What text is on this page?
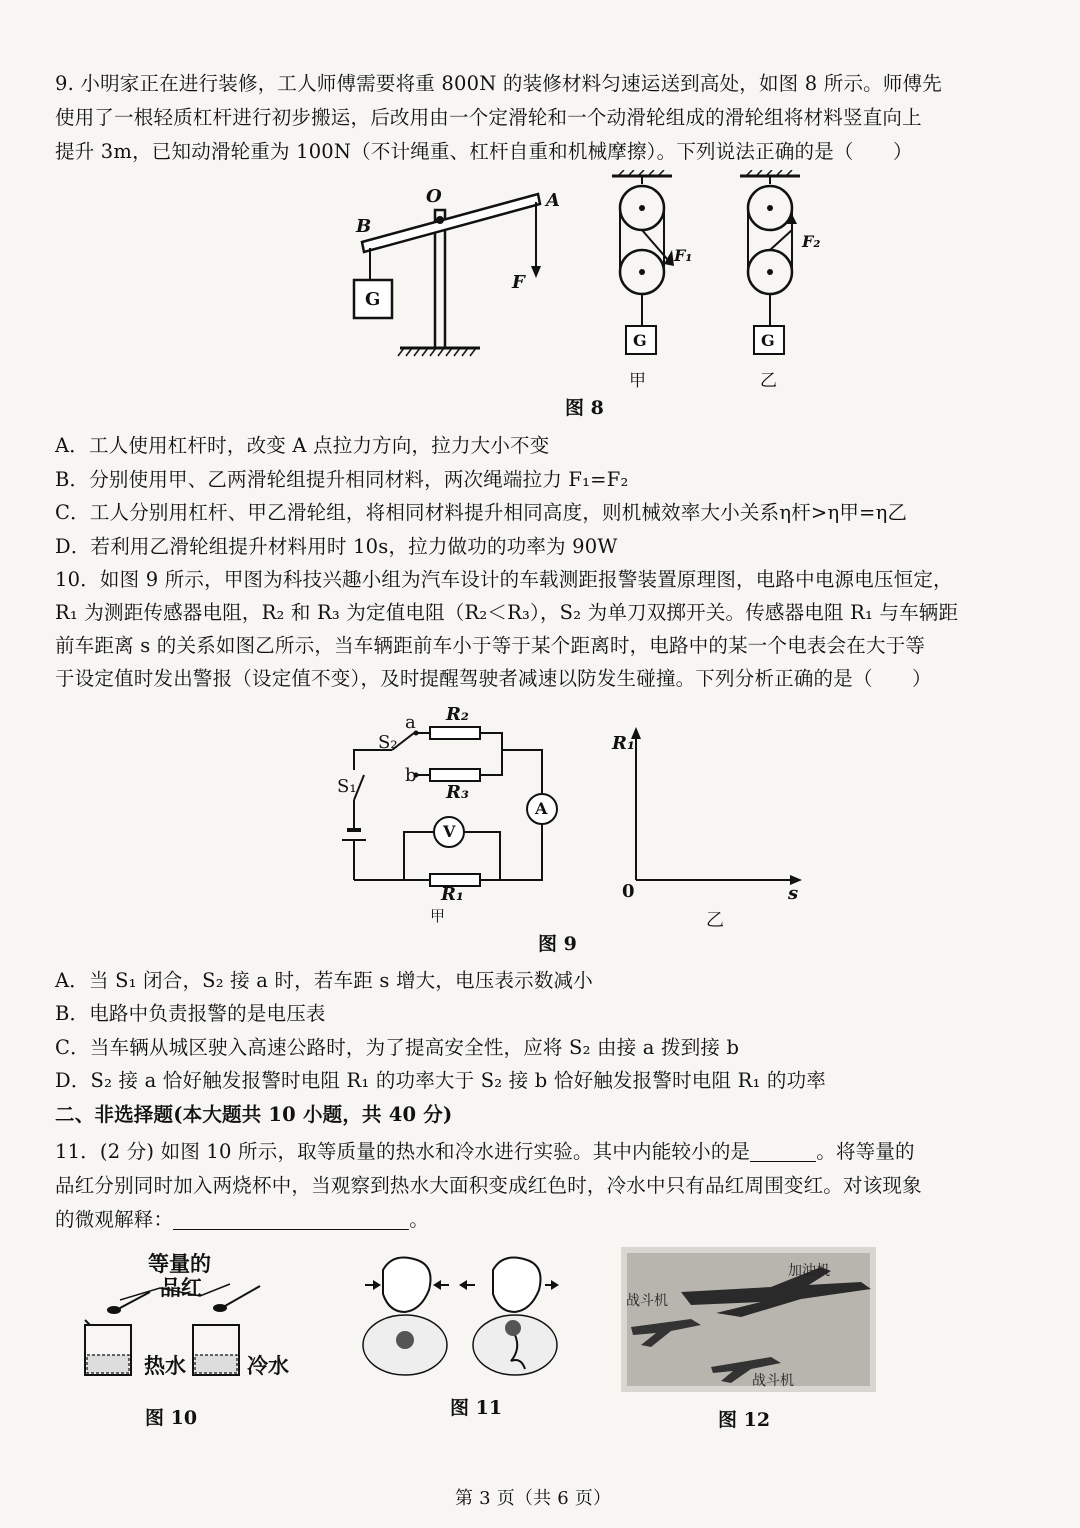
9. 小明家正在进行装修，工人师傅需要将重 800N 的装修材料匀速运送到高处，如图 8 所示。师傅先
使用了一根轻质杠杆进行初步搬运，后改用由一个定滑轮和一个动滑轮组成的滑轮组将材料竖直向上
提升 3m，已知动滑轮重为 100N（不计绳重、杠杆自重和机械摩擦）。下列说法正确的是（　　）
O	A
B
F
G
F₁
G
甲
F₂
G
乙
图 8
A．工人使用杠杆时，改变 A 点拉力方向，拉力大小不变
B．分别使用甲、乙两滑轮组提升相同材料，两次绳端拉力 F₁=F₂
C．工人分别用杠杆、甲乙滑轮组，将相同材料提升相同高度，则机械效率大小关系η杆>η甲=η乙
D．若利用乙滑轮组提升材料用时 10s，拉力做功的功率为 90W
10．如图 9 所示，甲图为科技兴趣小组为汽车设计的车载测距报警装置原理图，电路中电源电压恒定，
R₁ 为测距传感器电阻，R₂ 和 R₃ 为定值电阻（R₂＜R₃），S₂ 为单刀双掷开关。传感器电阻 R₁ 与车辆距
前车距离 s 的关系如图乙所示，当车辆距前车小于等于某个距离时，电路中的某一个电表会在大于等
于设定值时发出警报（设定值不变），及时提醒驾驶者减速以防发生碰撞。下列分析正确的是（　　）
a
b
S₁
S₂
R₂
R₃
R₁
A
V
甲
R₁
s
0
乙
图 9
A．当 S₁ 闭合，S₂ 接 a 时，若车距 s 增大，电压表示数减小
B．电路中负责报警的是电压表
C．当车辆从城区驶入高速公路时，为了提高安全性，应将 S₂ 由接 a 拨到接 b
D．S₂ 接 a 恰好触发报警时电阻 R₁ 的功率大于 S₂ 接 b 恰好触发报警时电阻 R₁ 的功率
二、非选择题(本大题共 10 小题，共 40 分)
11．(2 分) 如图 10 所示，取等质量的热水和冷水进行实验。其中内能较小的是	。将等量的
品红分别同时加入两烧杯中，当观察到热水大面积变成红色时，冷水中只有品红周围变红。对该现象
的微观解释：	。
等量的
品红
热水	冷水
图 10	图 11
加油机
战斗机
战斗机
图 12
第 3 页（共 6 页）
